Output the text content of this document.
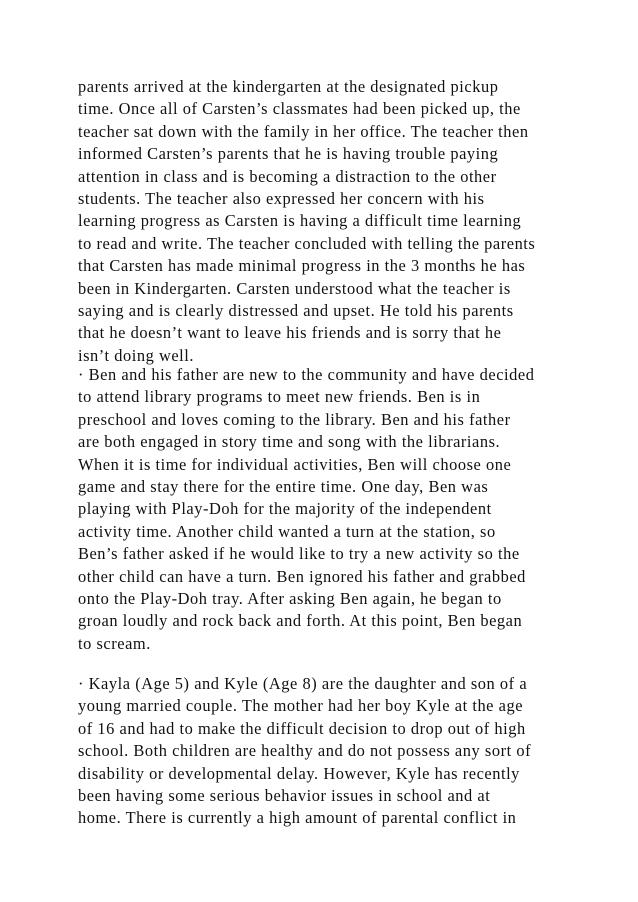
parents arrived at the kindergarten at the designated pickup
time. Once all of Carsten’s classmates had been picked up, the
teacher sat down with the family in her office. The teacher then
informed Carsten’s parents that he is having trouble paying
attention in class and is becoming a distraction to the other
students. The teacher also expressed her concern with his
learning progress as Carsten is having a difficult time learning
to read and write. The teacher concluded with telling the parents
that Carsten has made minimal progress in the 3 months he has
been in Kindergarten. Carsten understood what the teacher is
saying and is clearly distressed and upset. He told his parents
that he doesn’t want to leave his friends and is sorry that he
isn’t doing well.
· Ben and his father are new to the community and have decided
to attend library programs to meet new friends. Ben is in
preschool and loves coming to the library. Ben and his father
are both engaged in story time and song with the librarians.
When it is time for individual activities, Ben will choose one
game and stay there for the entire time. One day, Ben was
playing with Play-Doh for the majority of the independent
activity time. Another child wanted a turn at the station, so
Ben’s father asked if he would like to try a new activity so the
other child can have a turn. Ben ignored his father and grabbed
onto the Play-Doh tray. After asking Ben again, he began to
groan loudly and rock back and forth. At this point, Ben began
to scream.
· Kayla (Age 5) and Kyle (Age 8) are the daughter and son of a
young married couple. The mother had her boy Kyle at the age
of 16 and had to make the difficult decision to drop out of high
school. Both children are healthy and do not possess any sort of
disability or developmental delay. However, Kyle has recently
been having some serious behavior issues in school and at
home. There is currently a high amount of parental conflict in
